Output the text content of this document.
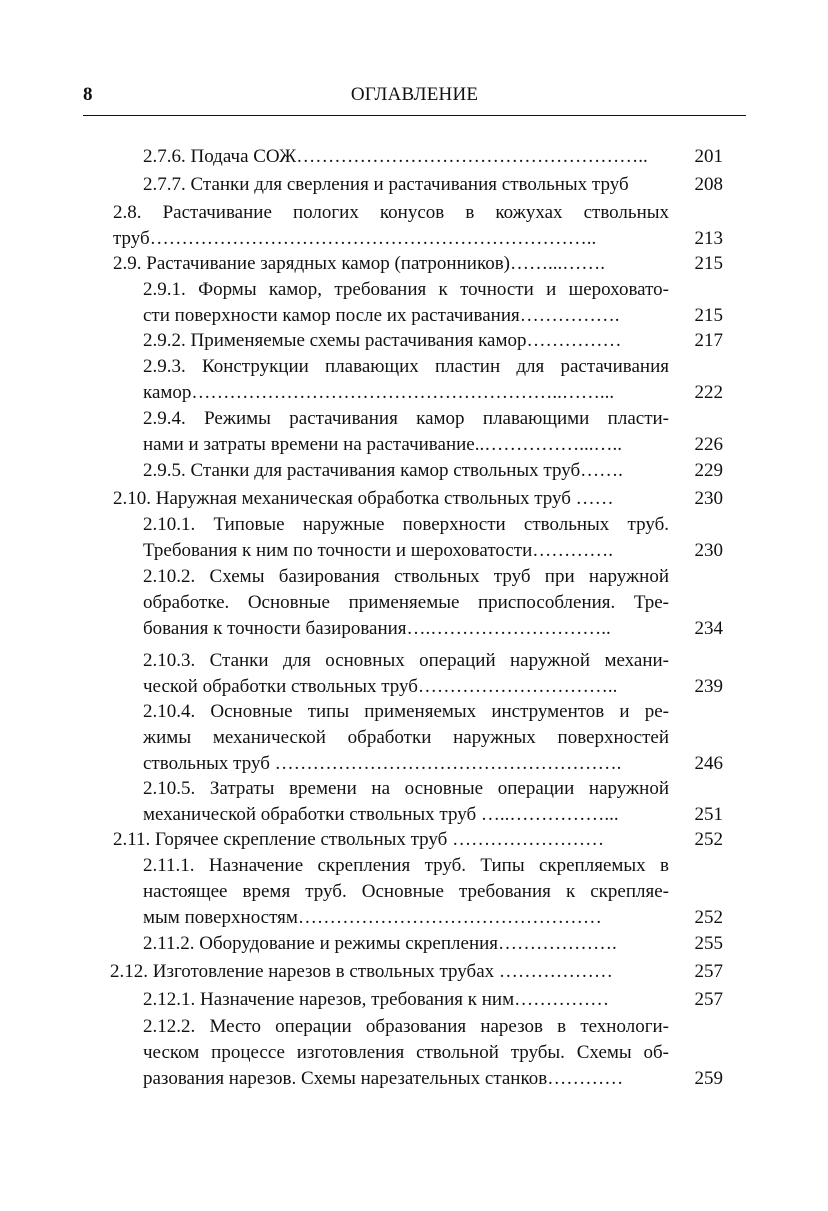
8	ОГЛАВЛЕНИЕ
2.7.6. Подача СОЖ………………………………………………..	201
2.7.7. Станки для сверления и растачивания ствольных труб	208
2.8. Растачивание пологих конусов в кожухах ствольных
труб……………………………………………………………..	213
2.9. Растачивание зарядных камор (патронников)……...…….	215
2.9.1. Формы камор, требования к точности и шероховато-
сти поверхности камор после их растачивания…………….	215
2.9.2. Применяемые схемы растачивания камор……………	217
2.9.3. Конструкции плавающих пластин для растачивания
камор…………………………………………………..……...	222
2.9.4. Режимы растачивания камор плавающими пласти-
нами и затраты времени на растачивание..……………...…..	226
2.9.5. Станки для растачивания камор ствольных труб…….	229
2.10. Наружная механическая обработка ствольных труб ……	230
2.10.1. Типовые наружные поверхности ствольных труб.
Требования к ним по точности и шероховатости………….	230
2.10.2. Схемы базирования ствольных труб при наружной
обработке. Основные применяемые приспособления. Тре-
бования к точности базирования….………………………..	234
2.10.3. Станки для основных операций наружной механи-
ческой обработки ствольных труб…………………………..	239
2.10.4. Основные типы применяемых инструментов и ре-
жимы механической обработки наружных поверхностей
ствольных труб ……………………………………………….	246
2.10.5. Затраты времени на основные операции наружной
механической обработки ствольных труб …..……………...	251
2.11. Горячее скрепление ствольных труб ……………………	252
2.11.1. Назначение скрепления труб. Типы скрепляемых в
настоящее время труб. Основные требования к скрепляе-
мым поверхностям…………………………………………	252
2.11.2. Оборудование и режимы скрепления……………….	255
2.12. Изготовление нарезов в ствольных трубах ………………	257
2.12.1. Назначение нарезов, требования к ним……………	257
2.12.2. Место операции образования нарезов в технологи-
ческом процессе изготовления ствольной трубы. Схемы об-
разования нарезов. Схемы нарезательных станков…………	259
